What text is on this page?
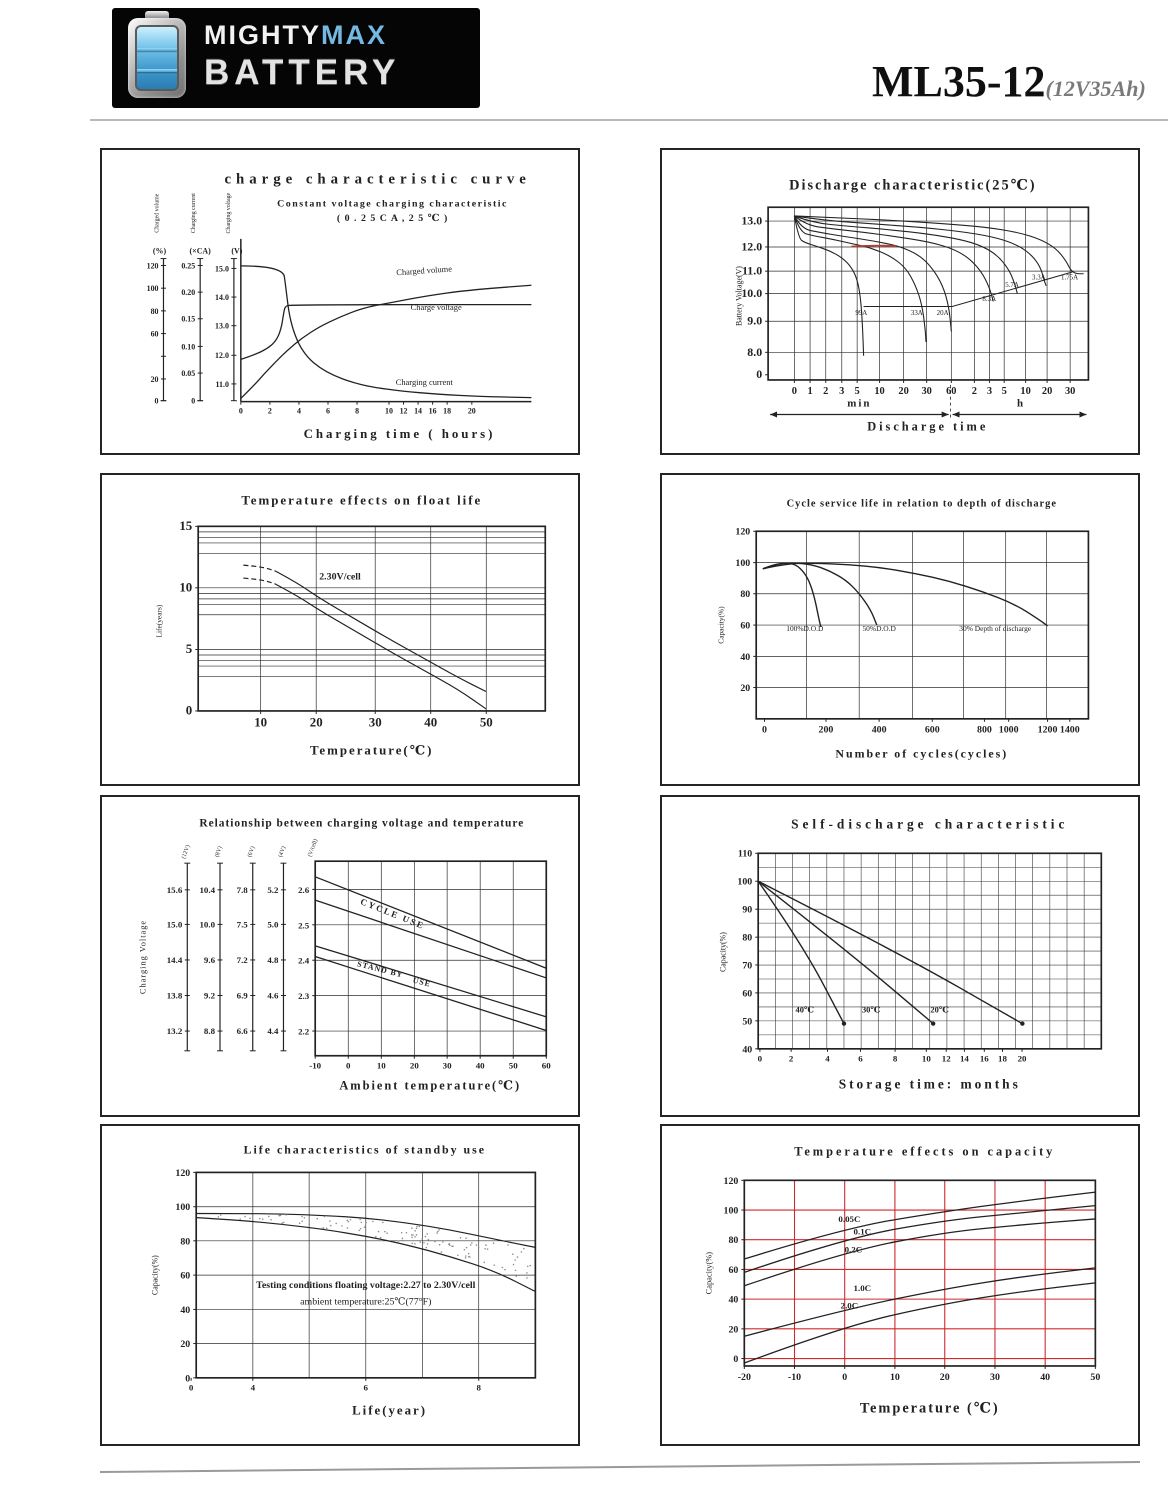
MIGHTYMAX
BATTERY	ML35-12(12V35Ah)
0	2	4	6	8	10 12 14 16 18 20
120
100
80
60
20
0
0.25
0.20
0.15
0.10
0.05
0
15.0
14.0
13.0
12.0
11.0
charge characteristic curve
Constant voltage charging characteristic
( 0 . 2 5 C A , 2 5 ℃ )
(%)	(×CA)	(V)
Charged volume	Charging current	Charging voltage
Charged volume
Charge voltage
Charging current
Charging time ( hours)
0 1 2 3 5 10 20 30 60 2 3 5 10 20 30
13.0
12.0
11.0
10.0
9.0
8.0
0
Discharge characteristic(25℃)
Battery Voltage(V)	99A	33A 20A
8.3A
5.7A
3.3A 1.75A
min	h
Discharge time
10	20	30	40	50
15
10
5
0
Temperature effects on float life
2.30V/cell
Life(years)
Temperature(℃)
0	200	400	600	800 1000 1200 1400
120
100
80
60
40
20
Cycle service life in relation to depth of discharge
100%D.O.D	50%D.O.D	30% Depth of discharge
Capacity(%)
Number of cycles(cycles)
-10	0	10	20	30	40	50	60
2.6
2.5
2.4
2.3
2.2
15.6
15.0
14.4
13.8
13.2
10.4
10.0
9.6
9.2
8.8
7.8
7.5
7.2
6.9
6.6
5.2
5.0
4.8
4.6
4.4
Relationship between charging voltage and temperature
Charging Voltage
(12V)	(8V)	(6V)	(4V)	(V/cell)
CYCLE USE
STAND BY
USE
Ambient temperature(℃)
0	2	4	6	8	10 12 14 16 18 20
110
100
90
80
70
60
50
40
Self-discharge characteristic
Capacity(%)
40℃	30℃	20℃
Storage time: months
0	4	6	8
120
100
80
60
40
20
0
Life characteristics of standby use
Capacity(%)	Testing conditions floating voltage:2.27 to 2.30V/cell
ambient temperature:25℃(77°F)
Life(year)
-20	-10	0	10	20	30	40	50
120
100
80
60
40
20
0
Temperature effects on capacity
Capacity(%)
0.05C
0.1C
0.2C
1.0C
2.0C
Temperature (℃)
